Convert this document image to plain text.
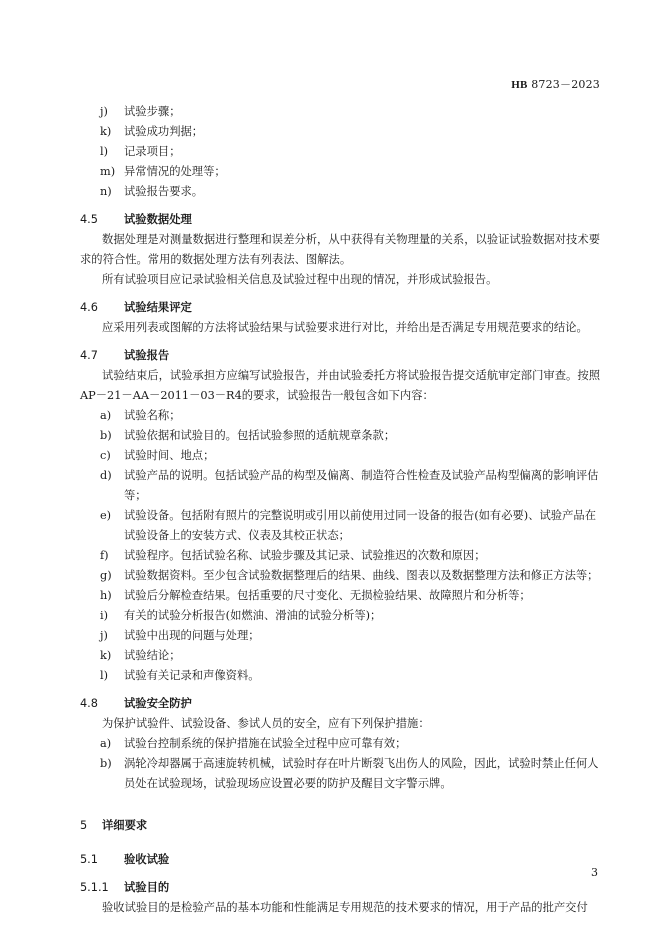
HB 8723－2023
j) 试验步骤；
k) 试验成功判据；
l) 记录项目；
m) 异常情况的处理等；
n) 试验报告要求。
4.5 试验数据处理
数据处理是对测量数据进行整理和误差分析，从中获得有关物理量的关系，以验证试验数据对技术要求的符合性。常用的数据处理方法有列表法、图解法。
所有试验项目应记录试验相关信息及试验过程中出现的情况，并形成试验报告。
4.6 试验结果评定
应采用列表或图解的方法将试验结果与试验要求进行对比，并给出是否满足专用规范要求的结论。
4.7 试验报告
试验结束后，试验承担方应编写试验报告，并由试验委托方将试验报告提交适航审定部门审查。按照AP－21－AA－2011－03－R4的要求，试验报告一般包含如下内容：
a) 试验名称；
b) 试验依据和试验目的。包括试验参照的适航规章条款；
c) 试验时间、地点；
d) 试验产品的说明。包括试验产品的构型及偏离、制造符合性检查及试验产品构型偏离的影响评估等；
e) 试验设备。包括附有照片的完整说明或引用以前使用过同一设备的报告(如有必要)、试验产品在试验设备上的安装方式、仪表及其校正状态；
f) 试验程序。包括试验名称、试验步骤及其记录、试验推迟的次数和原因；
g) 试验数据资料。至少包含试验数据整理后的结果、曲线、图表以及数据整理方法和修正方法等；
h) 试验后分解检查结果。包括重要的尺寸变化、无损检验结果、故障照片和分析等；
i) 有关的试验分析报告(如燃油、滑油的试验分析等)；
j) 试验中出现的问题与处理；
k) 试验结论；
l) 试验有关记录和声像资料。
4.8 试验安全防护
为保护试验件、试验设备、参试人员的安全，应有下列保护措施：
a) 试验台控制系统的保护措施在试验全过程中应可靠有效；
b) 涡轮冷却器属于高速旋转机械，试验时存在叶片断裂飞出伤人的风险，因此，试验时禁止任何人员处在试验现场，试验现场应设置必要的防护及醒目文字警示牌。
5 详细要求
5.1 验收试验
5.1.1 试验目的
验收试验目的是检验产品的基本功能和性能满足专用规范的技术要求的情况，用于产品的批产交付
3
